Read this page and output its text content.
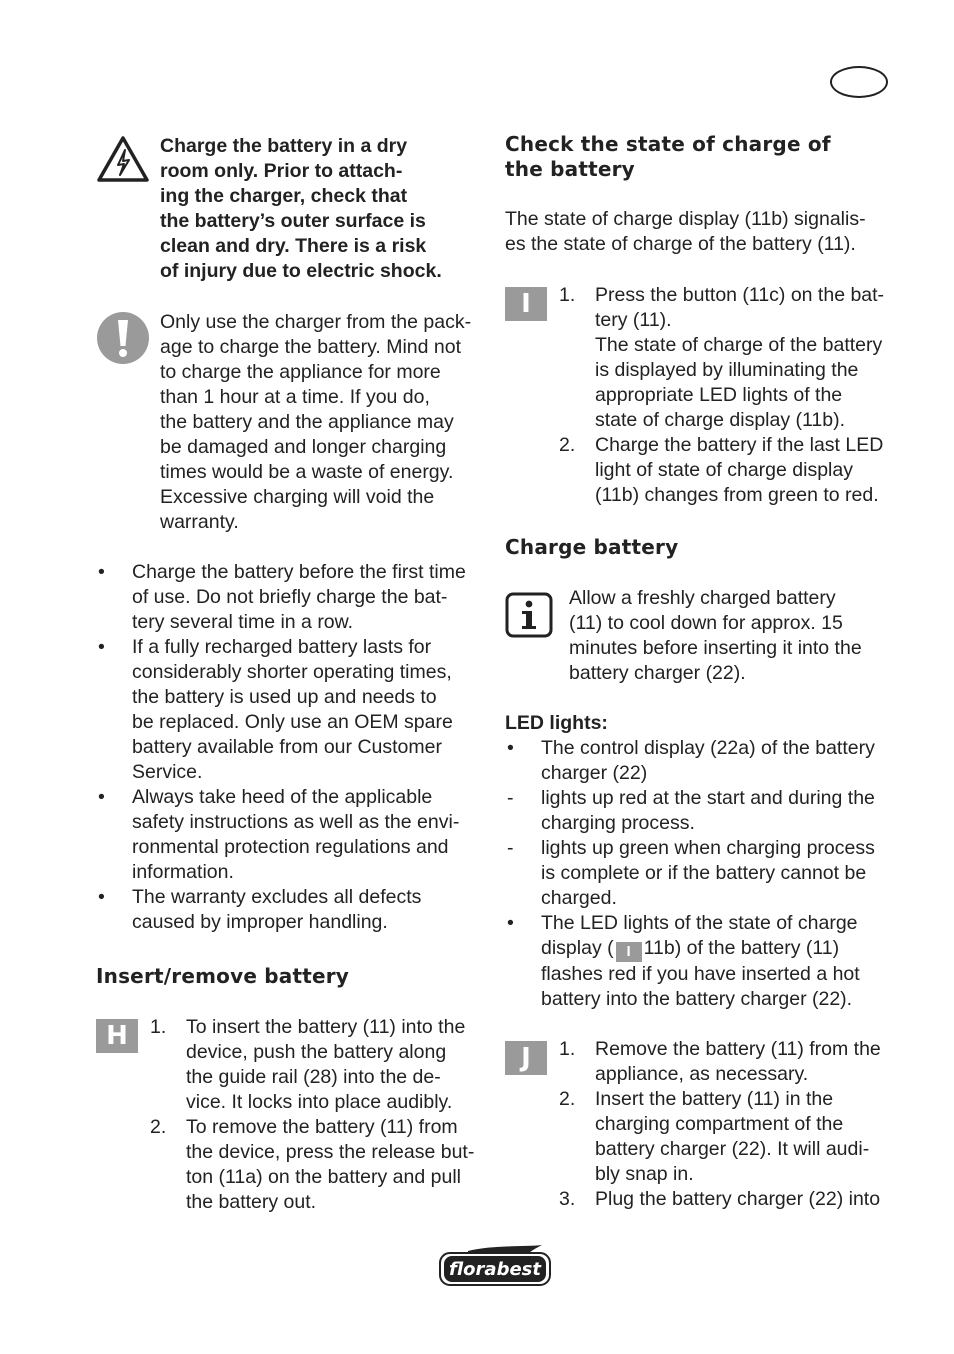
Charge the battery in a dry
room only. Prior to attach-
ing the charger, check that
the battery’s outer surface is
clean and dry. There is a risk
of injury due to electric shock.
Only use the charger from the pack-
age to charge the battery. Mind not
to charge the appliance for more
than 1 hour at a time. If you do,
the battery and the appliance may
be damaged and longer charging
times would be a waste of energy.
Excessive charging will void the
warranty.
• Charge the battery before the first time
of use. Do not briefly charge the bat-
tery several time in a row.
• If a fully recharged battery lasts for
considerably shorter operating times,
the battery is used up and needs to
be replaced. Only use an OEM spare
battery available from our Customer
Service.
• Always take heed of the applicable
safety instructions as well as the envi-
ronmental protection regulations and
information.
• The warranty excludes all defects
caused by improper handling.
Insert/remove battery
H	1. To insert the battery (11) into the
device, push the battery along
the guide rail (28) into the de-
vice. It locks into place audibly.
2. To remove the battery (11) from
the device, press the release but-
ton (11a) on the battery and pull
the battery out.
Check the state of charge of
the battery
The state of charge display (11b) signalis-
es the state of charge of the battery (11).
I	1. Press the button (11c) on the bat-
tery (11).
The state of charge of the battery
is displayed by illuminating the
appropriate LED lights of the
state of charge display (11b).
2. Charge the battery if the last LED
light of state of charge display
(11b) changes from green to red.
Charge battery
Allow a freshly charged battery
(11) to cool down for approx. 15
minutes before inserting it into the
battery charger (22).
LED lights:
• The control display (22a) of the battery
charger (22)
- lights up red at the start and during the
charging process.
- lights up green when charging process
is complete or if the battery cannot be
charged.
• The LED lights of the state of charge
display ( I 11b) of the battery (11)
flashes red if you have inserted a hot
battery into the battery charger (22).
J	1. Remove the battery (11) from the
appliance, as necessary.
2. Insert the battery (11) in the
charging compartment of the
battery charger (22). It will audi-
bly snap in.
3. Plug the battery charger (22) into
florabest
